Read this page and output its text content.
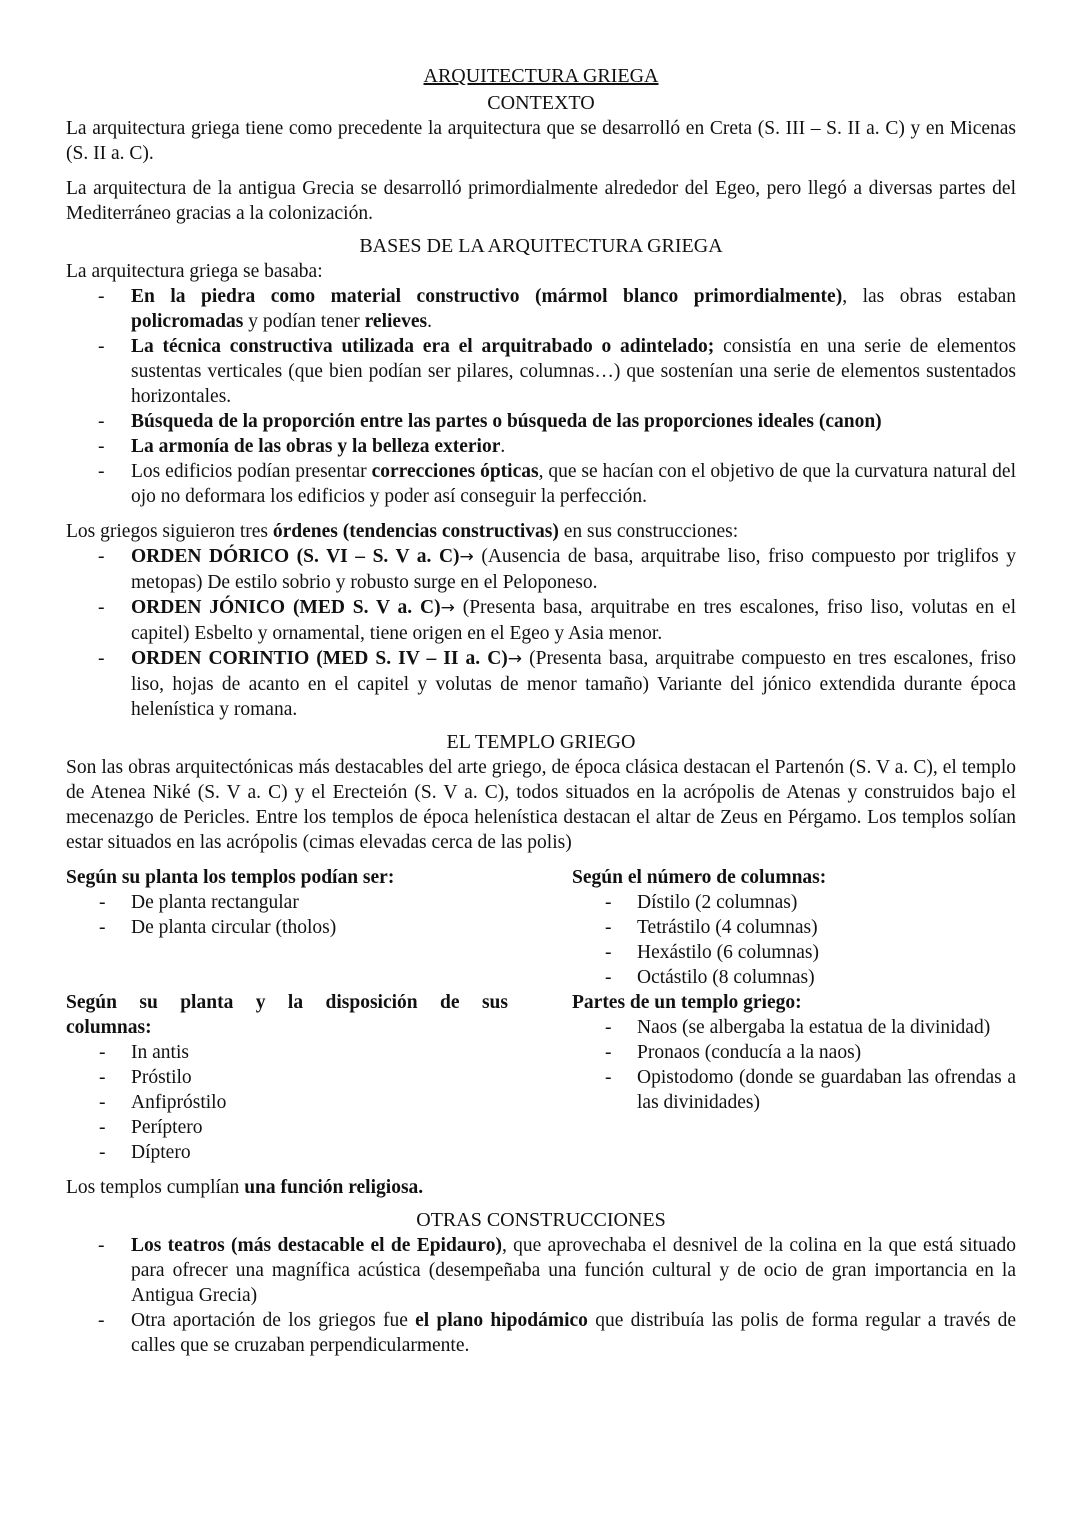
ARQUITECTURA GRIEGA
CONTEXTO

La arquitectura griega tiene como precedente la arquitectura que se desarrolló en Creta (S. III – S. II a. C) y en Micenas (S. II a. C).

La arquitectura de la antigua Grecia se desarrolló primordialmente alrededor del Egeo, pero llegó a diversas partes del Mediterráneo gracias a la colonización.

BASES DE LA ARQUITECTURA GRIEGA

La arquitectura griega se basaba:

- En la piedra como material constructivo (mármol blanco primordialmente), las obras estaban policromadas y podían tener relieves.
- La técnica constructiva utilizada era el arquitrabado o adintelado; consistía en una serie de elementos sustentas verticales (que bien podían ser pilares, columnas…) que sostenían una serie de elementos sustentados horizontales.
- Búsqueda de la proporción entre las partes o búsqueda de las proporciones ideales (canon)
- La armonía de las obras y la belleza exterior.
- Los edificios podían presentar correcciones ópticas, que se hacían con el objetivo de que la curvatura natural del ojo no deformara los edificios y poder así conseguir la perfección.

Los griegos siguieron tres órdenes (tendencias constructivas) en sus construcciones:

- ORDEN DÓRICO (S. VI – S. V a. C)→ (Ausencia de basa, arquitrabe liso, friso compuesto por triglifos y metopas) De estilo sobrio y robusto surge en el Peloponeso.
- ORDEN JÓNICO (MED S. V a. C)→ (Presenta basa, arquitrabe en tres escalones, friso liso, volutas en el capitel) Esbelto y ornamental, tiene origen en el Egeo y Asia menor.
- ORDEN CORINTIO (MED S. IV – II a. C)→ (Presenta basa, arquitrabe compuesto en tres escalones, friso liso, hojas de acanto en el capitel y volutas de menor tamaño) Variante del jónico extendida durante época helenística y romana.
EL TEMPLO GRIEGO

Son las obras arquitectónicas más destacables del arte griego, de época clásica destacan el Partenón (S. V a. C), el templo de Atenea Niké (S. V a. C) y el Erecteión (S. V a. C), todos situados en la acrópolis de Atenas y construidos bajo el mecenazgo de Pericles. Entre los templos de época helenística destacan el altar de Zeus en Pérgamo. Los templos solían estar situados en las acrópolis (cimas elevadas cerca de las polis)

Según su planta los templos podían ser:
- De planta rectangular
- De planta circular (tholos)
Según su planta y la disposición de sus columnas:
- In antis
- Próstilo
- Anfipróstilo
- Períptero
- Díptero
Según el número de columnas:
- Dístilo (2 columnas)
- Tetrástilo (4 columnas)
- Hexástilo (6 columnas)
- Octástilo (8 columnas)
Partes de un templo griego:
- Naos (se albergaba la estatua de la divinidad)
- Pronaos (conducía a la naos)
- Opistodomo (donde se guardaban las ofrendas a las divinidades)

Los templos cumplían una función religiosa.

OTRAS CONSTRUCCIONES
- Los teatros (más destacable el de Epidauro), que aprovechaba el desnivel de la colina en la que está situado para ofrecer una magnífica acústica (desempeñaba una función cultural y de ocio de gran importancia en la Antigua Grecia)
- Otra aportación de los griegos fue el plano hipodámico que distribuía las polis de forma regular a través de calles que se cruzaban perpendicularmente.
